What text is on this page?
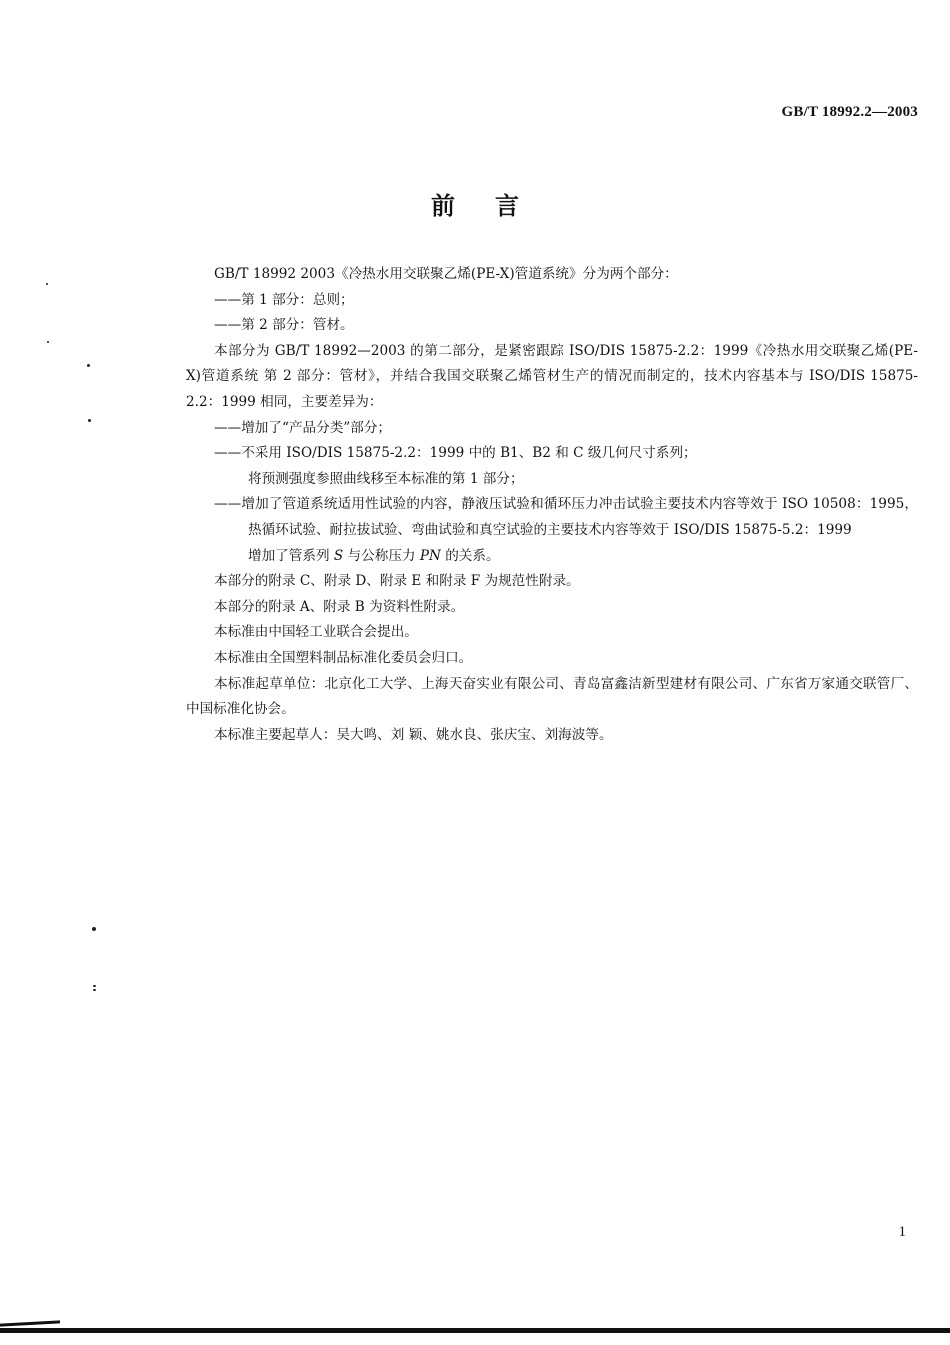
GB/T 18992.2—2003
前言

GB/T 18992 2003《冷热水用交联聚乙烯(PE-X)管道系统》分为两个部分：

——第 1 部分：总则；

——第 2 部分：管材。

本部分为 GB/T 18992—2003 的第二部分，是紧密跟踪 ISO/DIS 15875-2.2：1999《冷热水用交联聚乙烯(PE-X)管道系统 第 2 部分：管材》，并结合我国交联聚乙烯管材生产的情况而制定的，技术内容基本与 ISO/DIS 15875-2.2：1999 相同，主要差异为：

——增加了“产品分类”部分；

——不采用 ISO/DIS 15875-2.2：1999 中的 B1、B2 和 C 级几何尺寸系列；

将预测强度参照曲线移至本标准的第 1 部分；

——增加了管道系统适用性试验的内容，静液压试验和循环压力冲击试验主要技术内容等效于 ISO 10508：1995，热循环试验、耐拉拔试验、弯曲试验和真空试验的主要技术内容等效于 ISO/DIS 15875-5.2：1999

增加了管系列 S 与公称压力 PN 的关系。

本部分的附录 C、附录 D、附录 E 和附录 F 为规范性附录。

本部分的附录 A、附录 B 为资料性附录。

本标准由中国轻工业联合会提出。

本标准由全国塑料制品标准化委员会归口。

本标准起草单位：北京化工大学、上海天奋实业有限公司、青岛富鑫洁新型建材有限公司、广东省万家通交联管厂、中国标准化协会。

本标准主要起草人：吴大鸣、刘 颖、姚水良、张庆宝、刘海波等。

1
